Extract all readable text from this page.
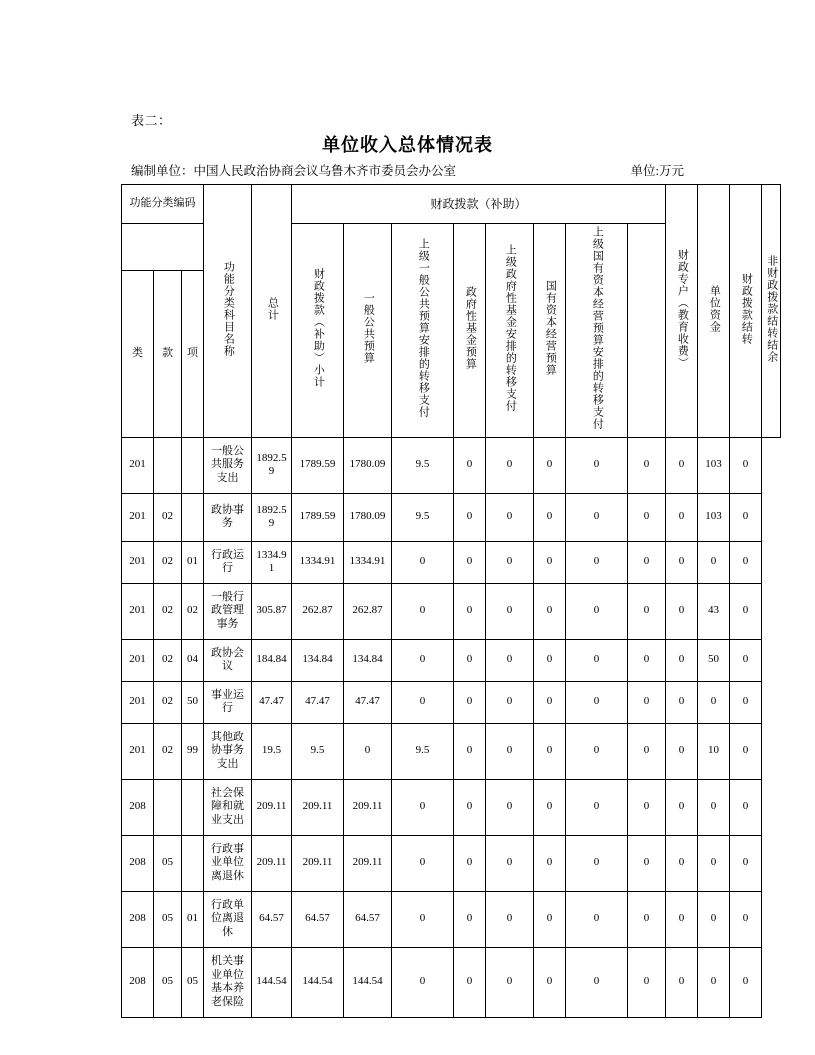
表二：
单位收入总体情况表
编制单位：中国人民政治协商会议乌鲁木齐市委员会办公室	单位:万元
功能分类编码			功能分类科目名称	总计	财政拨款（补助）								财政专户（教育收费）	单位资金	财政拨款结转	非财政拨款结转结余
					财政拨款（补助）小计	一般公共预算	上级一般公共预算安排的转移支付	政府性基金预算	上级政府性基金安排的转移支付	国有资本经营预算	上级国有资本经营预算安排的转移支付					
类	款	项														
201			一般公共服务支出	1892.59	1789.59	1780.09	9.5	0	0	0	0	0	0	103	0	
201	02		政协事务	1892.59	1789.59	1780.09	9.5	0	0	0	0	0	0	103	0	
201	02	01	行政运行	1334.91	1334.91	1334.91	0	0	0	0	0	0	0	0	0	
201	02	02	一般行政管理事务	305.87	262.87	262.87	0	0	0	0	0	0	0	43	0	
201	02	04	政协会议	184.84	134.84	134.84	0	0	0	0	0	0	0	50	0	
201	02	50	事业运行	47.47	47.47	47.47	0	0	0	0	0	0	0	0	0	
201	02	99	其他政协事务支出	19.5	9.5	0	9.5	0	0	0	0	0	0	10	0	
208			社会保障和就业支出	209.11	209.11	209.11	0	0	0	0	0	0	0	0	0	
208	05		行政事业单位离退休	209.11	209.11	209.11	0	0	0	0	0	0	0	0	0	
208	05	01	行政单位离退休	64.57	64.57	64.57	0	0	0	0	0	0	0	0	0	
208	05	05	机关事业单位基本养老保险	144.54	144.54	144.54	0	0	0	0	0	0	0	0	0	
